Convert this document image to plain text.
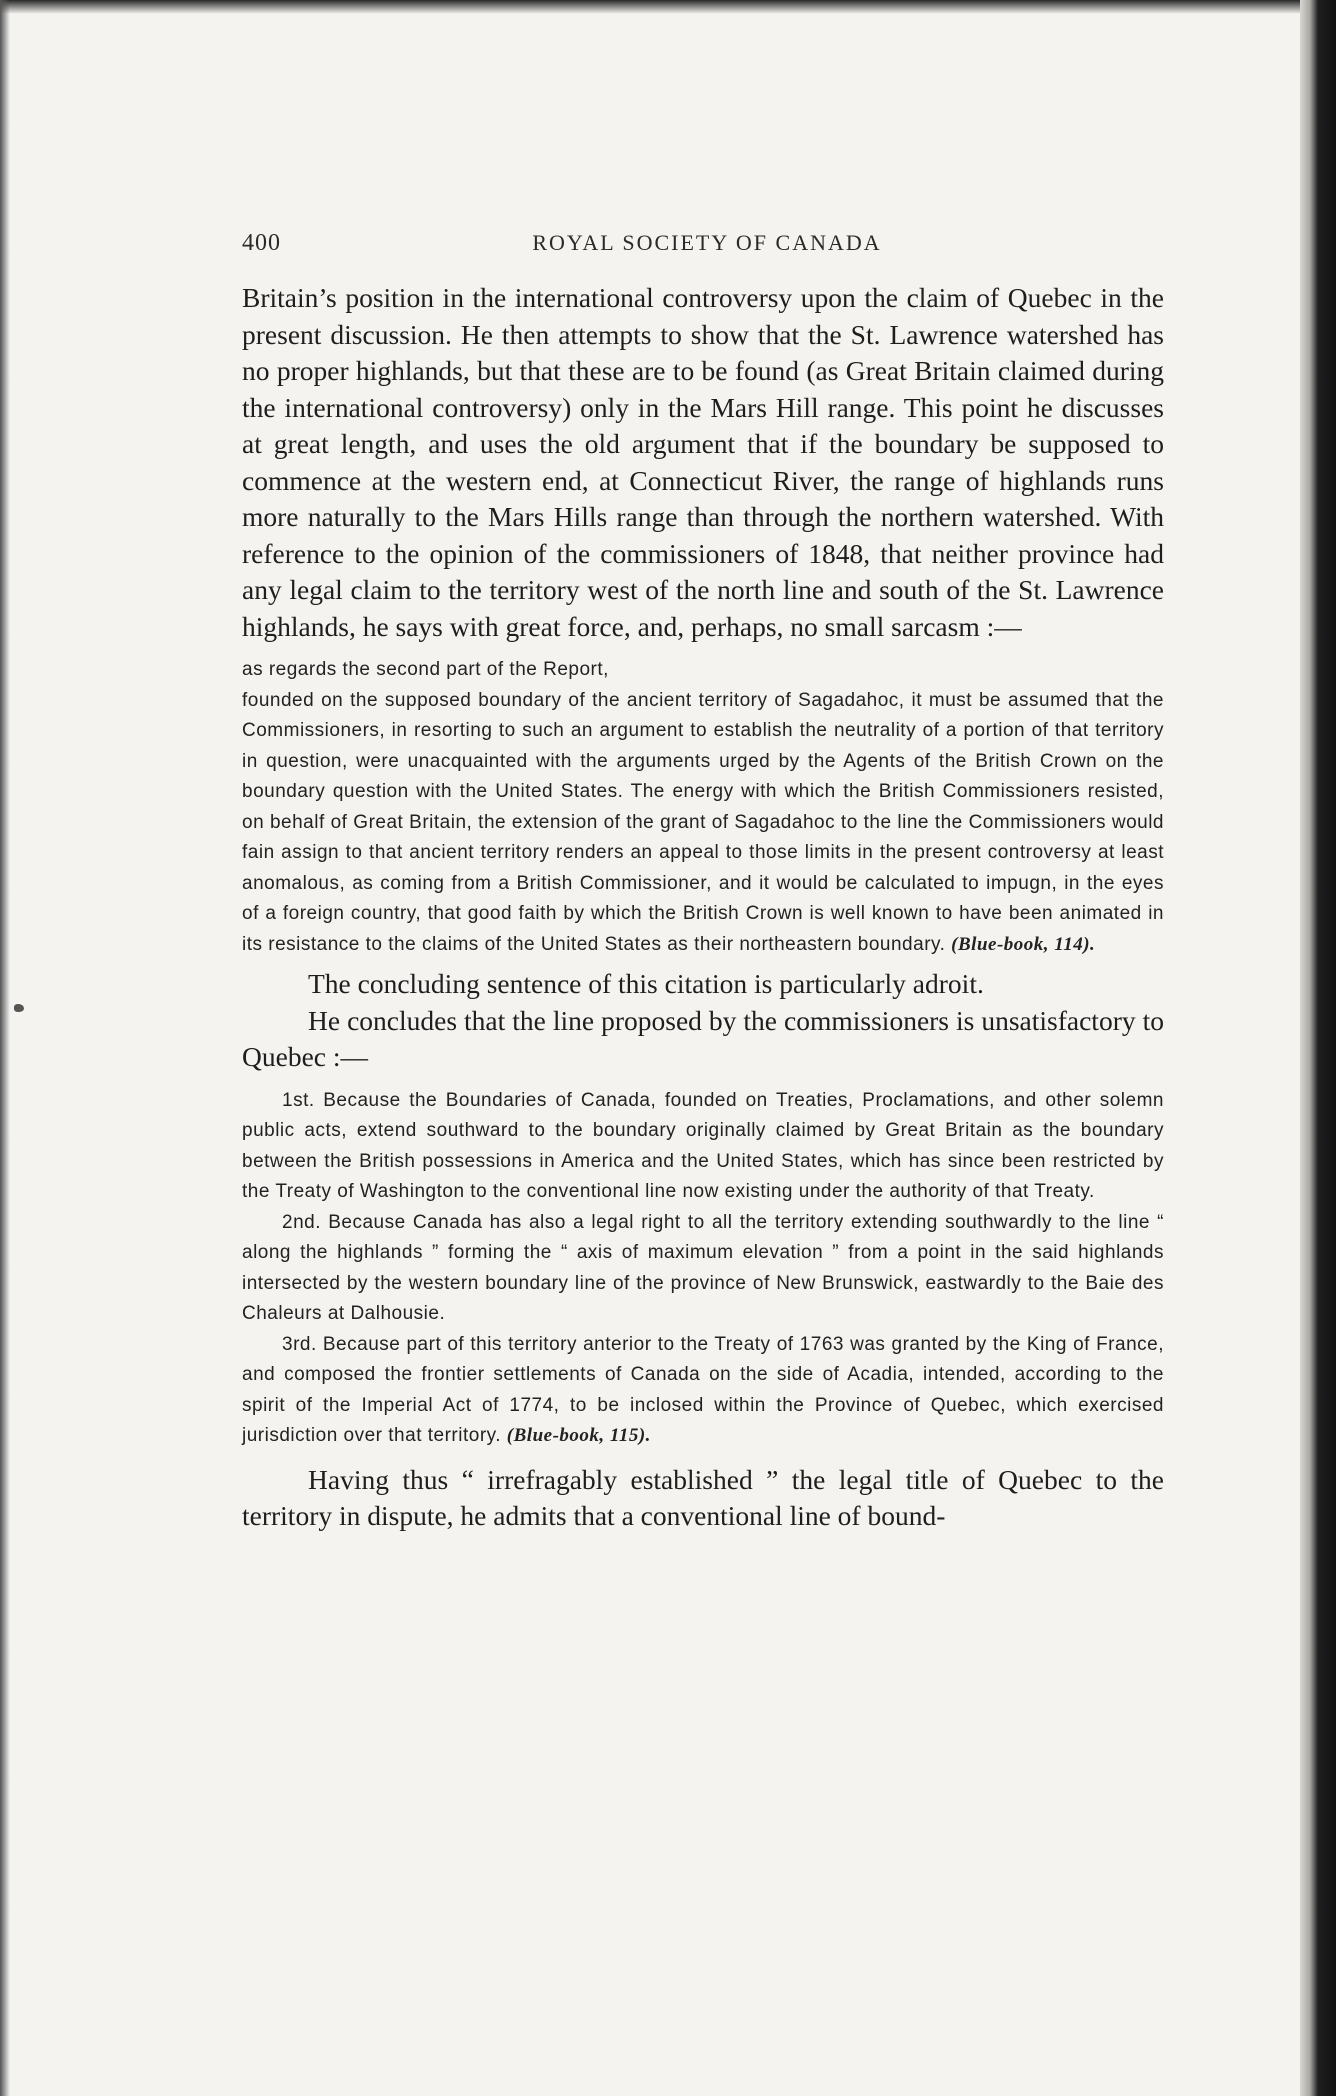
400	ROYAL SOCIETY OF CANADA

Britain’s position in the international controversy upon the claim of Quebec in the present discussion. He then attempts to show that the St. Lawrence watershed has no proper highlands, but that these are to be found (as Great Britain claimed during the international controversy) only in the Mars Hill range. This point he discusses at great length, and uses the old argument that if the boundary be supposed to commence at the western end, at Connecticut River, the range of highlands runs more naturally to the Mars Hills range than through the northern watershed. With reference to the opinion of the commissioners of 1848, that neither province had any legal claim to the territory west of the north line and south of the St. Lawrence highlands, he says with great force, and, perhaps, no small sarcasm :—

as regards the second part of the Report,

founded on the supposed boundary of the ancient territory of Sagadahoc, it must be assumed that the Commissioners, in resorting to such an argument to establish the neutrality of a portion of that territory in question, were unacquainted with the arguments urged by the Agents of the British Crown on the boundary question with the United States. The energy with which the British Commissioners resisted, on behalf of Great Britain, the extension of the grant of Sagadahoc to the line the Commissioners would fain assign to that ancient territory renders an appeal to those limits in the present controversy at least anomalous, as coming from a British Commissioner, and it would be calculated to impugn, in the eyes of a foreign country, that good faith by which the British Crown is well known to have been animated in its resistance to the claims of the United States as their northeastern boundary. (Blue-book, 114).

The concluding sentence of this citation is particularly adroit.

He concludes that the line proposed by the commissioners is unsatisfactory to Quebec :—

1st. Because the Boundaries of Canada, founded on Treaties, Proclamations, and other solemn public acts, extend southward to the boundary originally claimed by Great Britain as the boundary between the British possessions in America and the United States, which has since been restricted by the Treaty of Washington to the conventional line now existing under the authority of that Treaty.

2nd. Because Canada has also a legal right to all the territory extending southwardly to the line “ along the highlands ” forming the “ axis of maximum elevation ” from a point in the said highlands intersected by the western boundary line of the province of New Brunswick, eastwardly to the Baie des Chaleurs at Dalhousie.

3rd. Because part of this territory anterior to the Treaty of 1763 was granted by the King of France, and composed the frontier settlements of Canada on the side of Acadia, intended, according to the spirit of the Imperial Act of 1774, to be inclosed within the Province of Quebec, which exercised jurisdiction over that territory. (Blue-book, 115).

Having thus “ irrefragably established ” the legal title of Quebec to the territory in dispute, he admits that a conventional line of bound-
